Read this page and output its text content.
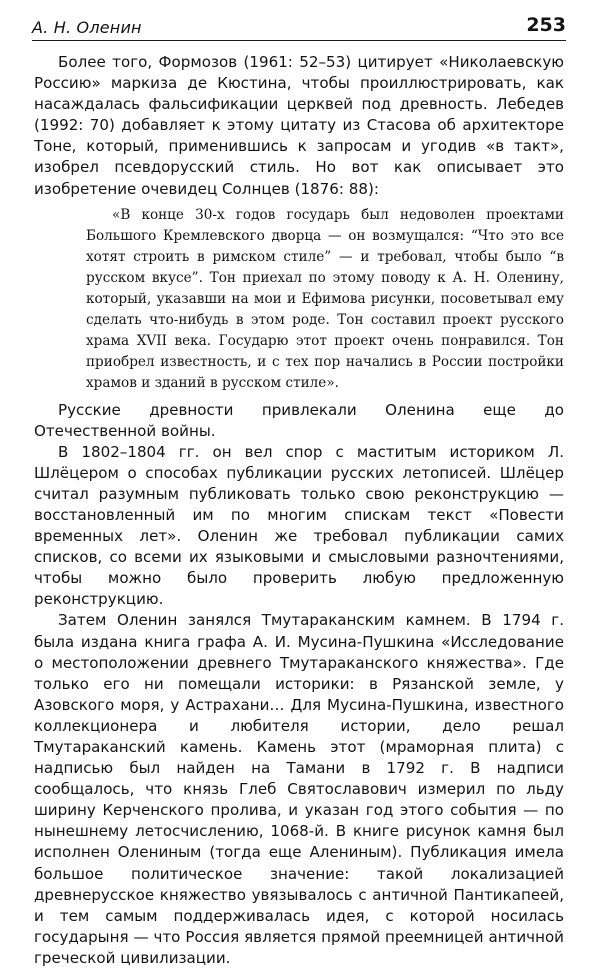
А. Н. Оленин	253

Более того, Формозов (1961: 52–53) цитирует «Николаевскую Россию» маркиза де Кюстина, чтобы проиллюстрировать, как насаждалась фальсификации церквей под древность. Лебедев (1992: 70) добавляет к этому цитату из Стасова об архитекторе Тоне, который, применившись к запросам и угодив «в такт», изобрел псевдорусский стиль. Но вот как описывает это изобретение очевидец Солнцев (1876: 88):

«В конце 30-х годов государь был недоволен проектами Большого Кремлевского дворца — он возмущался: “Что это все хотят строить в римском стиле” — и требовал, чтобы было “в русском вкусе”. Тон приехал по этому поводу к А. Н. Оленину, который, указавши на мои и Ефимова рисунки, посоветывал ему сделать что-нибудь в этом роде. Тон составил проект русского храма XVII века. Государю этот проект очень понравился. Тон приобрел известность, и с тех пор начались в России постройки храмов и зданий в русском стиле».

Русские древности привлекали Оленина еще до Отечественной войны.

В 1802–1804 гг. он вел спор с маститым историком Л. Шлёцером о способах публикации русских летописей. Шлёцер считал разумным публиковать только свою реконструкцию — восстановленный им по многим спискам текст «Повести временных лет». Оленин же требовал публикации самих списков, со всеми их языковыми и смысловыми разночтениями, чтобы можно было проверить любую предложенную реконструкцию.

Затем Оленин занялся Тмутараканским камнем. В 1794 г. была издана книга графа А. И. Мусина-Пушкина «Исследование о местоположении древнего Тмутараканского княжества». Где только его ни помещали историки: в Рязанской земле, у Азовского моря, у Астрахани… Для Мусина-Пушкина, известного коллекционера и любителя истории, дело решал Тмутараканский камень. Камень этот (мраморная плита) с надписью был найден на Тамани в 1792 г. В надписи сообщалось, что князь Глеб Святославович измерил по льду ширину Керченского пролива, и указан год этого события — по нынешнему летосчислению, 1068-й. В книге рисунок камня был исполнен Олениным (тогда еще Алениным). Публикация имела большое политическое значение: такой локализацией древнерусское княжество увязывалось с античной Пантикапеей, и тем самым поддерживалась идея, с которой носилась государыня — что Россия является прямой преемницей античной греческой цивилизации.
